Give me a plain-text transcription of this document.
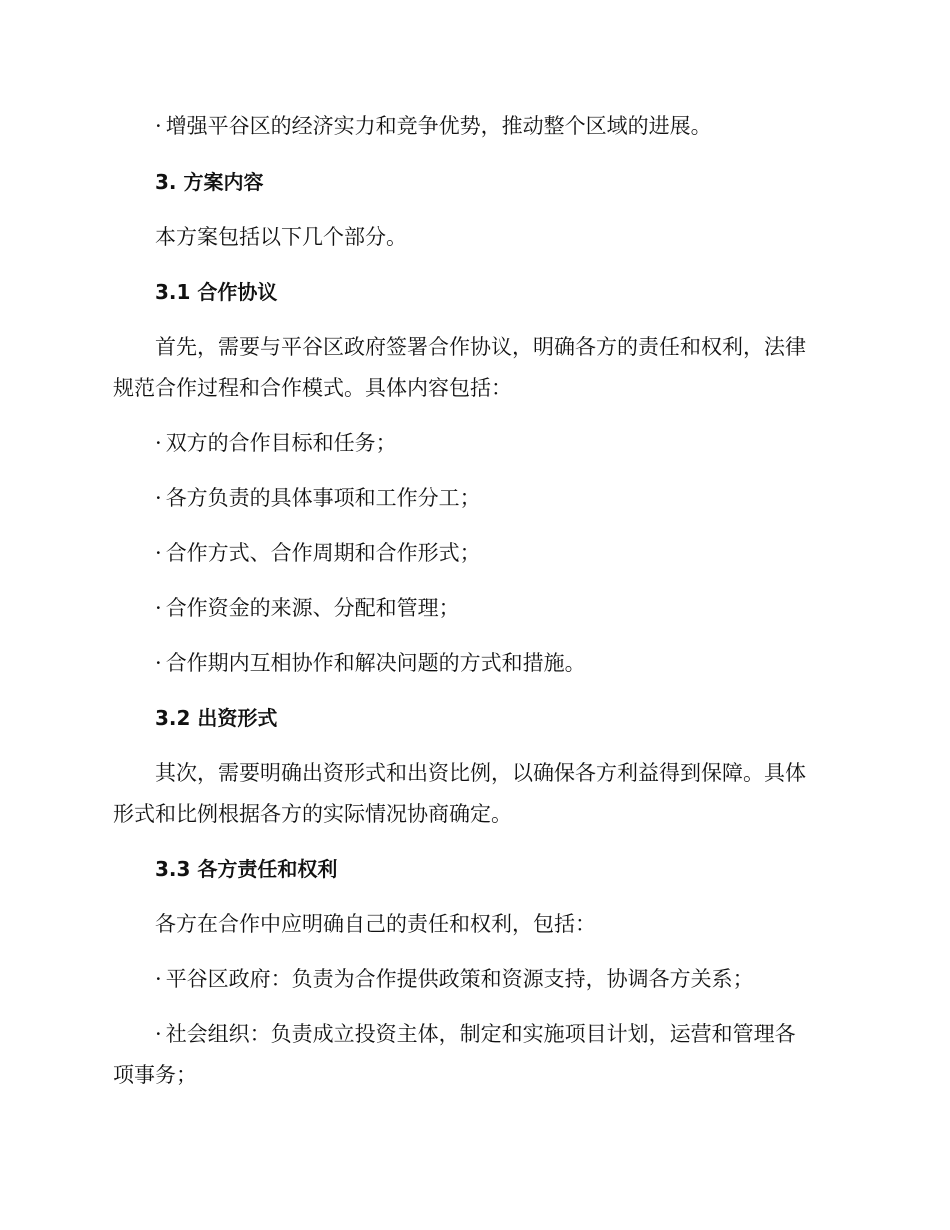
· 增强平谷区的经济实力和竞争优势，推动整个区域的进展。
3. 方案内容
本方案包括以下几个部分。
3.1 合作协议
首先，需要与平谷区政府签署合作协议，明确各方的责任和权利，法律
规范合作过程和合作模式。具体内容包括：
· 双方的合作目标和任务；
· 各方负责的具体事项和工作分工；
· 合作方式、合作周期和合作形式；
· 合作资金的来源、分配和管理；
· 合作期内互相协作和解决问题的方式和措施。
3.2 出资形式
其次，需要明确出资形式和出资比例，以确保各方利益得到保障。具体
形式和比例根据各方的实际情况协商确定。
3.3 各方责任和权利
各方在合作中应明确自己的责任和权利，包括：
· 平谷区政府：负责为合作提供政策和资源支持，协调各方关系；
· 社会组织：负责成立投资主体，制定和实施项目计划，运营和管理各
项事务；
